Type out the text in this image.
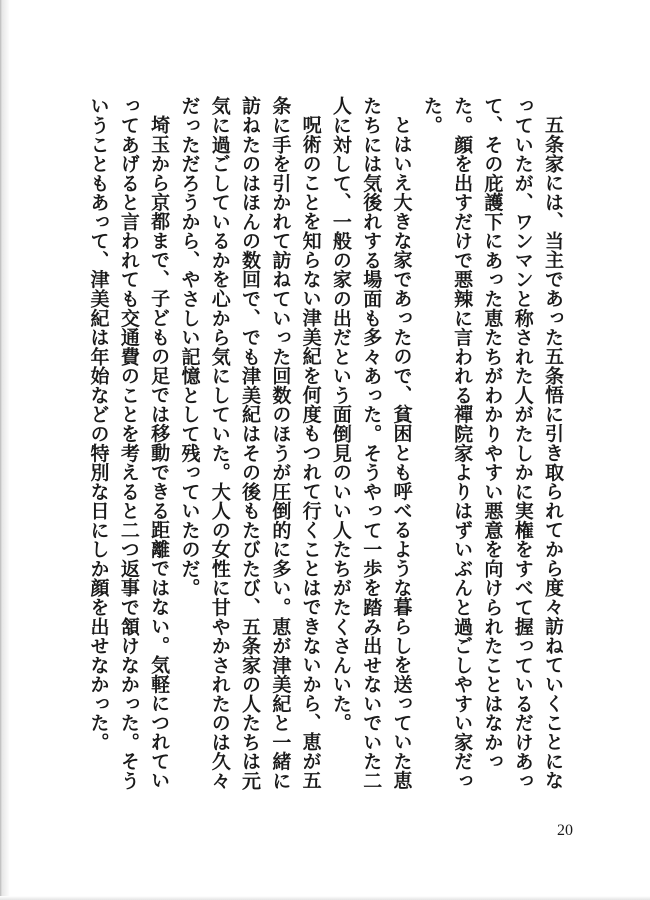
五条家には、当主であった五条悟に引き取られてから度々訪ねていくことになっていたが、ワンマンと称された人がたしかに実権をすべて握っているだけあって、その庇護下にあった恵たちがわかりやすい悪意を向けられたことはなかった。顔を出すだけで悪辣に言われる禪院家よりはずいぶんと過ごしやすい家だった。

とはいえ大きな家であったので、貧困とも呼べるような暮らしを送っていた恵たちには気後れする場面も多々あった。そうやって一歩を踏み出せないでいた二人に対して、一般の家の出だという面倒見のいい人たちがたくさんいた。

呪術のことを知らない津美紀を何度もつれて行くことはできないから、恵が五条に手を引かれて訪ねていった回数のほうが圧倒的に多い。恵が津美紀と一緒に訪ねたのはほんの数回で、でも津美紀はその後もたびたび、五条家の人たちは元気に過ごしているかを心から気にしていた。大人の女性に甘やかされたのは久々だっただろうから、やさしい記憶として残っていたのだ。

埼玉から京都まで、子どもの足では移動できる距離ではない。気軽につれていってあげると言われても交通費のことを考えると二つ返事で頷けなかった。そういうこともあって、津美紀は年始などの特別な日にしか顔を出せなかった。

20
